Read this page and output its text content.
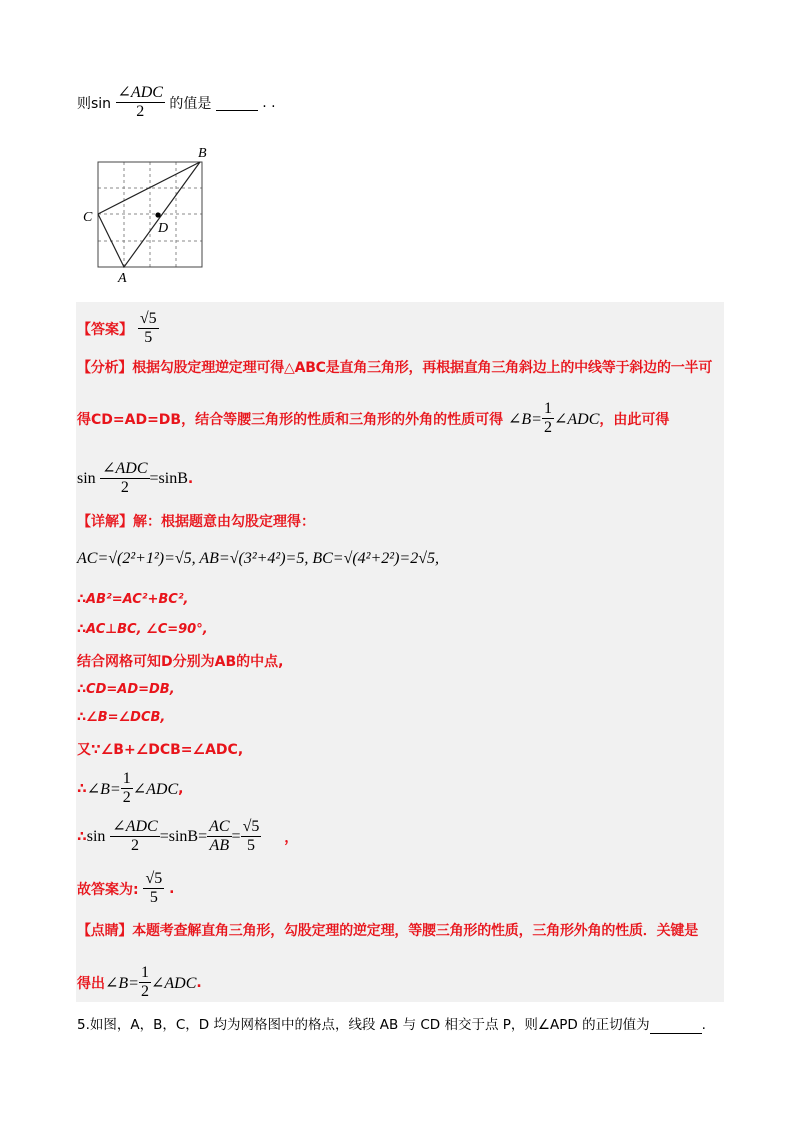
则$\sin \frac{\text{∠ADC}}{2}$ 的值是	. .
B
C
D
A
【答案】 $\frac{√5}{5}$
【分析】根据勾股定理逆定理可得△ABC是直角三角形，再根据直角三角斜边上的中线等于斜边的一半可
得CD=AD=DB，结合等腰三角形的性质和三角形的外角的性质可得 ∠B= $\frac{1}{2}$ ∠ADC，由此可得
$\sin \frac{\text{∠ADC}}{2} =\sin B$.
【详解】解：根据题意由勾股定理得：
AC=√(2²+1²)=√5, AB=√(3²+4²)=5, BC=√(4²+2²)=2√5,
∴AB²=AC²+BC²,
∴AC⊥BC, ∠C=90°,
结合网格可知D分别为AB的中点,
∴CD=AD=DB,
∴∠B=∠DCB,
又∵∠B+∠DCB=∠ADC,
∴∠B= $\frac{1}{2}$ ∠ADC,
∴sin $\frac{\text{∠ADC}}{2} =\sin B= \frac{AC}{AB} = \frac{√5}{5}$ ，
故答案为: $\frac{√5}{5}$ .
【点睛】本题考查解直角三角形，勾股定理的逆定理，等腰三角形的性质，三角形外角的性质．关键是
得出∠B= $\frac{1}{2}$ ∠ADC.
5.如图，A，B，C，D 均为网格图中的格点，线段 AB 与 CD 相交于点 P，则∠APD 的正切值为	.
